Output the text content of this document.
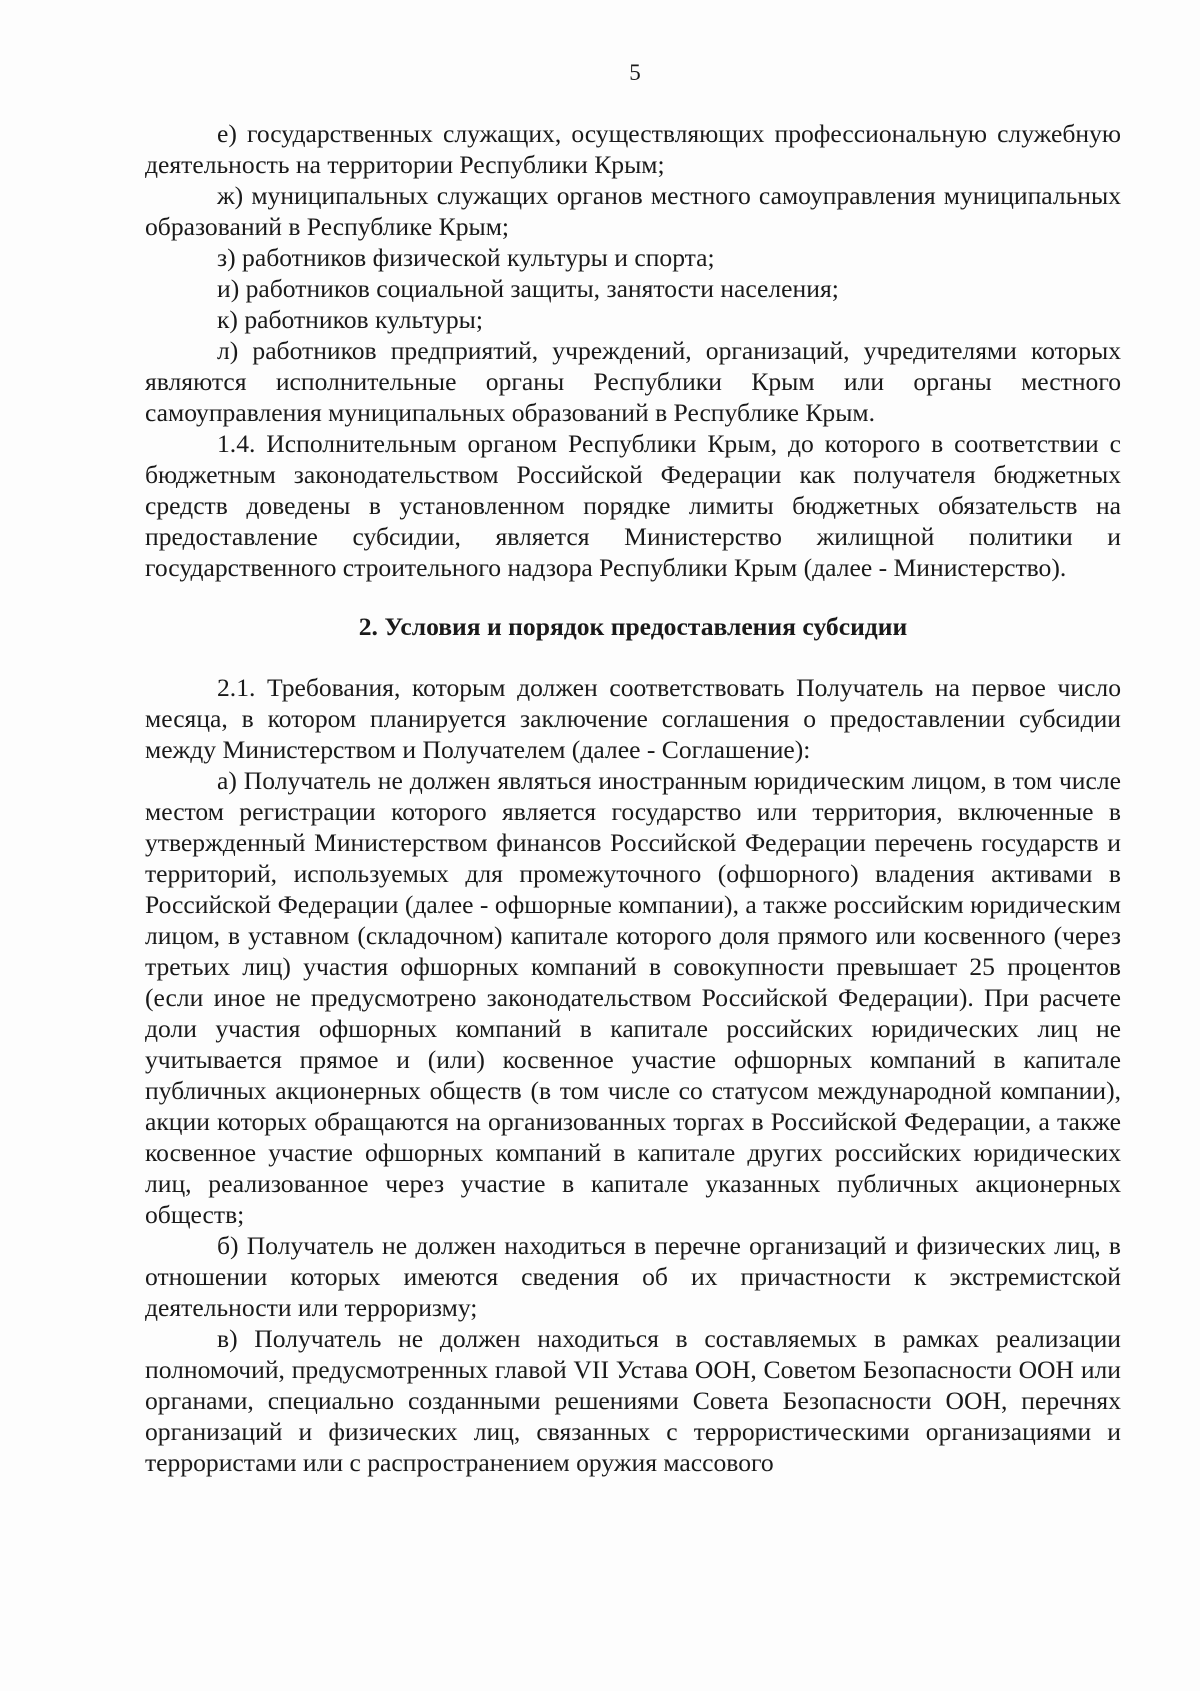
5

е) государственных служащих, осуществляющих профессиональную служебную деятельность на территории Республики Крым;

ж) муниципальных служащих органов местного самоуправления муниципальных образований в Республике Крым;

з) работников физической культуры и спорта;

и) работников социальной защиты, занятости населения;

к) работников культуры;

л) работников предприятий, учреждений, организаций, учредителями которых являются исполнительные органы Республики Крым или органы местного самоуправления муниципальных образований в Республике Крым.

1.4. Исполнительным органом Республики Крым, до которого в соответствии с бюджетным законодательством Российской Федерации как получателя бюджетных средств доведены в установленном порядке лимиты бюджетных обязательств на предоставление субсидии, является Министерство жилищной политики и государственного строительного надзора Республики Крым (далее - Министерство).

2. Условия и порядок предоставления субсидии

2.1. Требования, которым должен соответствовать Получатель на первое число месяца, в котором планируется заключение соглашения о предоставлении субсидии между Министерством и Получателем (далее - Соглашение):

а) Получатель не должен являться иностранным юридическим лицом, в том числе местом регистрации которого является государство или территория, включенные в утвержденный Министерством финансов Российской Федерации перечень государств и территорий, используемых для промежуточного (офшорного) владения активами в Российской Федерации (далее - офшорные компании), а также российским юридическим лицом, в уставном (складочном) капитале которого доля прямого или косвенного (через третьих лиц) участия офшорных компаний в совокупности превышает 25 процентов (если иное не предусмотрено законодательством Российской Федерации). При расчете доли участия офшорных компаний в капитале российских юридических лиц не учитывается прямое и (или) косвенное участие офшорных компаний в капитале публичных акционерных обществ (в том числе со статусом международной компании), акции которых обращаются на организованных торгах в Российской Федерации, а также косвенное участие офшорных компаний в капитале других российских юридических лиц, реализованное через участие в капитале указанных публичных акционерных обществ;

б) Получатель не должен находиться в перечне организаций и физических лиц, в отношении которых имеются сведения об их причастности к экстремистской деятельности или терроризму;

в) Получатель не должен находиться в составляемых в рамках реализации полномочий, предусмотренных главой VII Устава ООН, Советом Безопасности ООН или органами, специально созданными решениями Совета Безопасности ООН, перечнях организаций и физических лиц, связанных с террористическими организациями и террористами или с распространением оружия массового
